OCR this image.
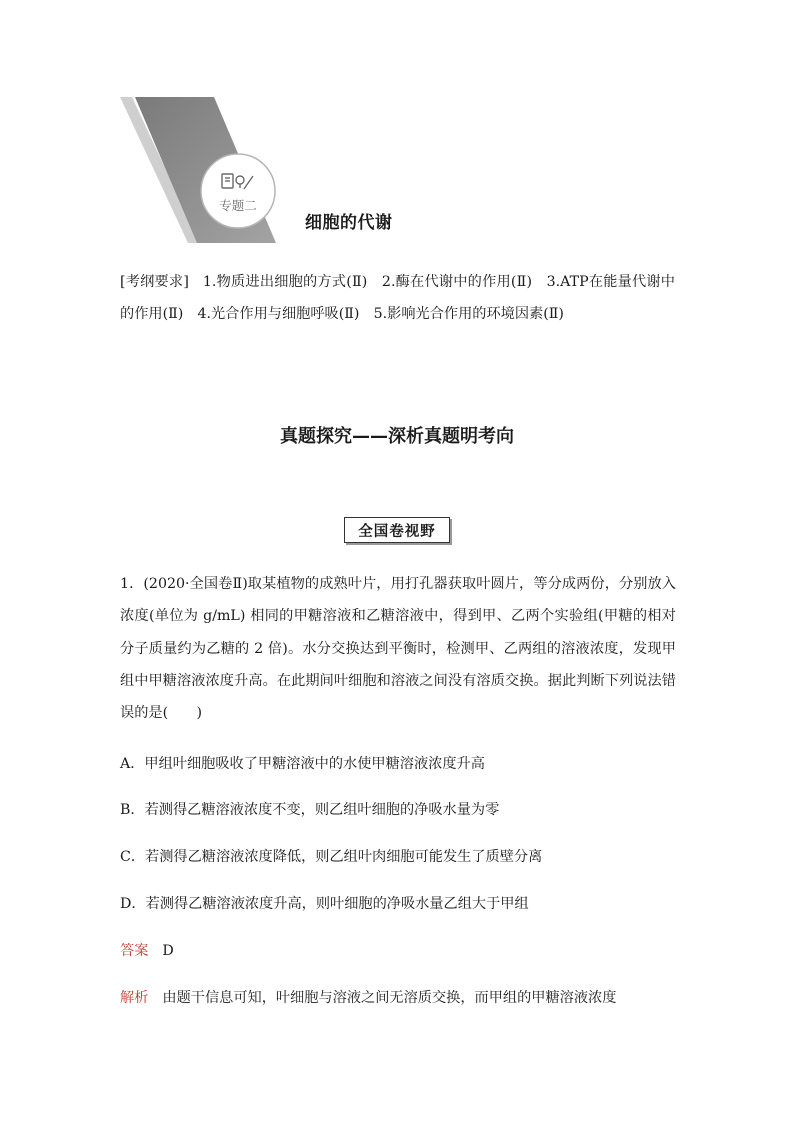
专题二
细胞的代谢
[考纲要求] 1.物质进出细胞的方式(Ⅱ)　2.酶在代谢中的作用(Ⅱ)　3.ATP在能量代谢中的作用(Ⅱ)　4.光合作用与细胞呼吸(Ⅱ)　5.影响光合作用的环境因素(Ⅱ)
真题探究——深析真题明考向
全国卷视野
1．(2020·全国卷Ⅱ)取某植物的成熟叶片，用打孔器获取叶圆片，等分成两份，分别放入浓度(单位为 g/mL) 相同的甲糖溶液和乙糖溶液中，得到甲、乙两个实验组(甲糖的相对分子质量约为乙糖的 2 倍)。水分交换达到平衡时，检测甲、乙两组的溶液浓度，发现甲组中甲糖溶液浓度升高。在此期间叶细胞和溶液之间没有溶质交换。据此判断下列说法错误的是(　　)
A．甲组叶细胞吸收了甲糖溶液中的水使甲糖溶液浓度升高
B．若测得乙糖溶液浓度不变，则乙组叶细胞的净吸水量为零
C．若测得乙糖溶液浓度降低，则乙组叶肉细胞可能发生了质壁分离
D．若测得乙糖溶液浓度升高，则叶细胞的净吸水量乙组大于甲组
答案 D
解析 由题干信息可知，叶细胞与溶液之间无溶质交换，而甲组的甲糖溶液浓度
